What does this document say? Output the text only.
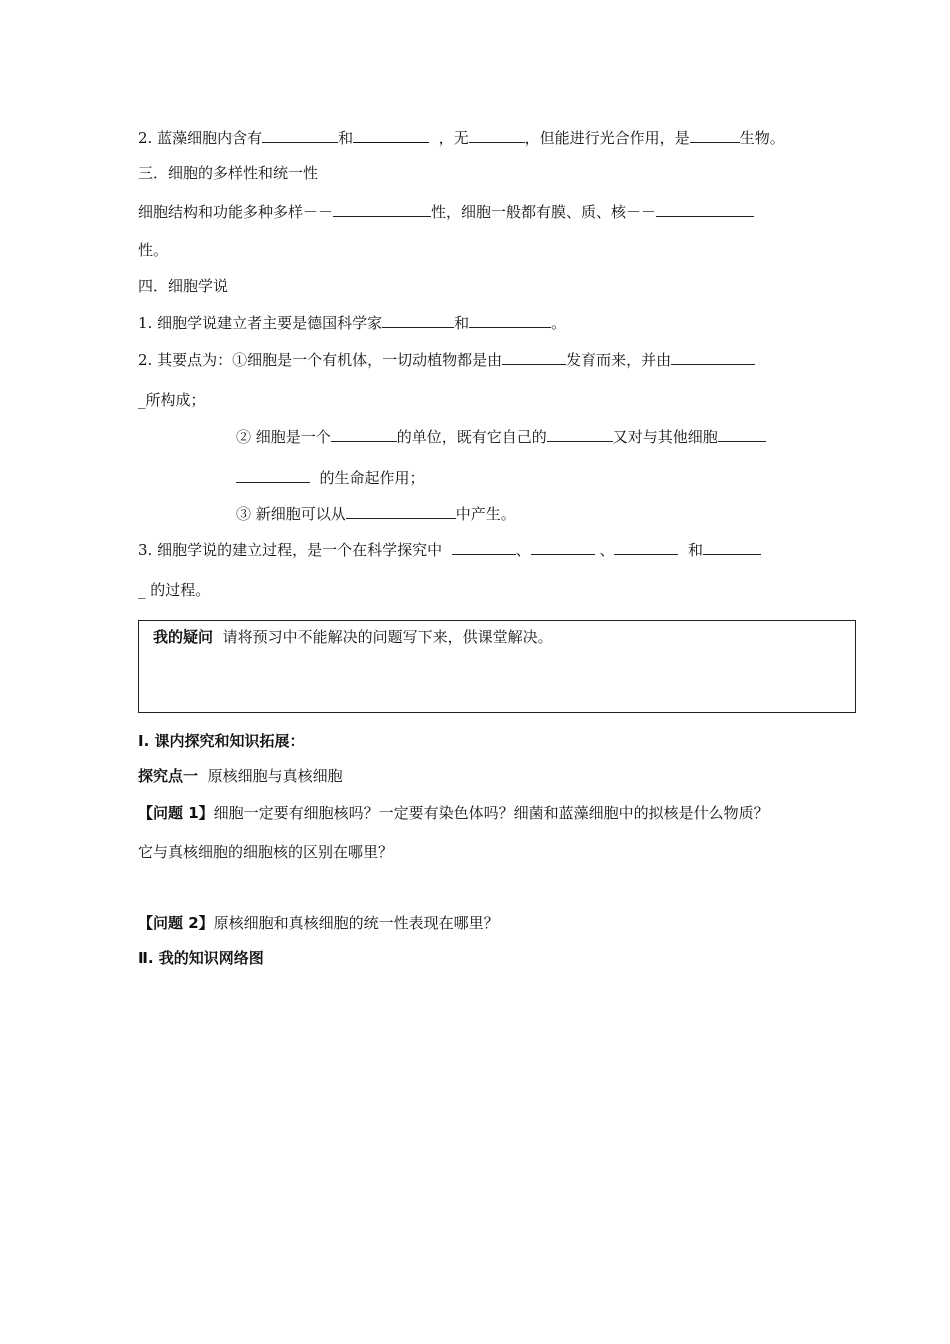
2. 蓝藻细胞内含有	和	，无	，但能进行光合作用，是	生物。
三．细胞的多样性和统一性
细胞结构和功能多种多样－－	性，细胞一般都有膜、质、核－－
性。
四．细胞学说
1. 细胞学说建立者主要是德国科学家	和	。
2. 其要点为：①细胞是一个有机体，一切动植物都是由	发育而来，并由
_所构成；
② 细胞是一个	的单位，既有它自己的	又对与其他细胞
的生命起作用；
③ 新细胞可以从	中产生。
3. 细胞学说的建立过程，是一个在科学探究中	、	、	和
_ 的过程。
我的疑问 请将预习中不能解决的问题写下来，供课堂解决。
Ⅰ. 课内探究和知识拓展：
探究点一 原核细胞与真核细胞
【问题 1】细胞一定要有细胞核吗？一定要有染色体吗？细菌和蓝藻细胞中的拟核是什么物质？
它与真核细胞的细胞核的区别在哪里？
【问题 2】原核细胞和真核细胞的统一性表现在哪里？
Ⅱ. 我的知识网络图
